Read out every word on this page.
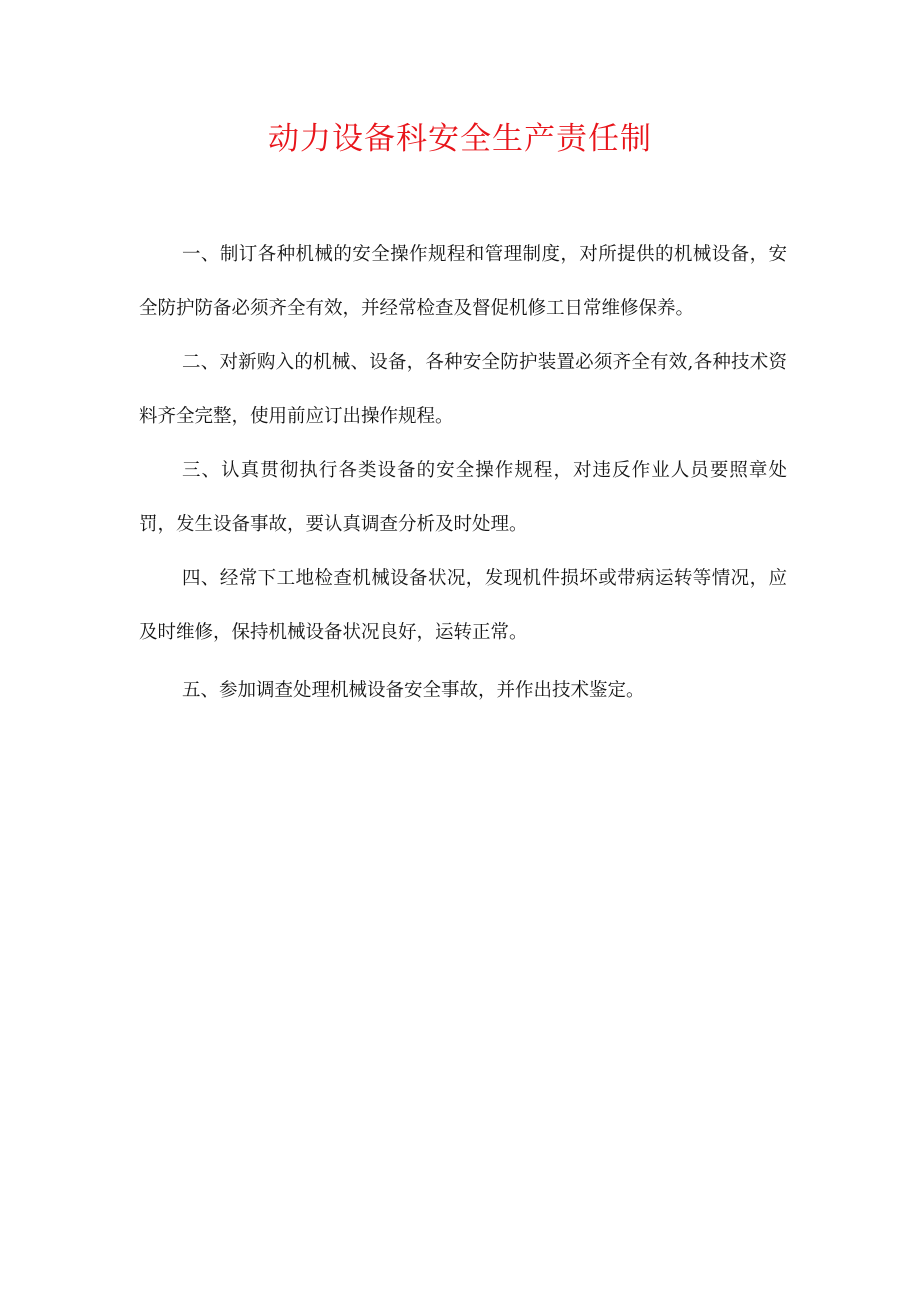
动力设备科安全生产责任制

一、制订各种机械的安全操作规程和管理制度，对所提供的机械设备，安全防护防备必须齐全有效，并经常检查及督促机修工日常维修保养。

二、对新购入的机械、设备，各种安全防护装置必须齐全有效,各种技术资料齐全完整，使用前应订出操作规程。

三、认真贯彻执行各类设备的安全操作规程，对违反作业人员要照章处罚，发生设备事故，要认真调查分析及时处理。

四、经常下工地检查机械设备状况，发现机件损坏或带病运转等情况，应及时维修，保持机械设备状况良好，运转正常。

五、参加调查处理机械设备安全事故，并作出技术鉴定。
